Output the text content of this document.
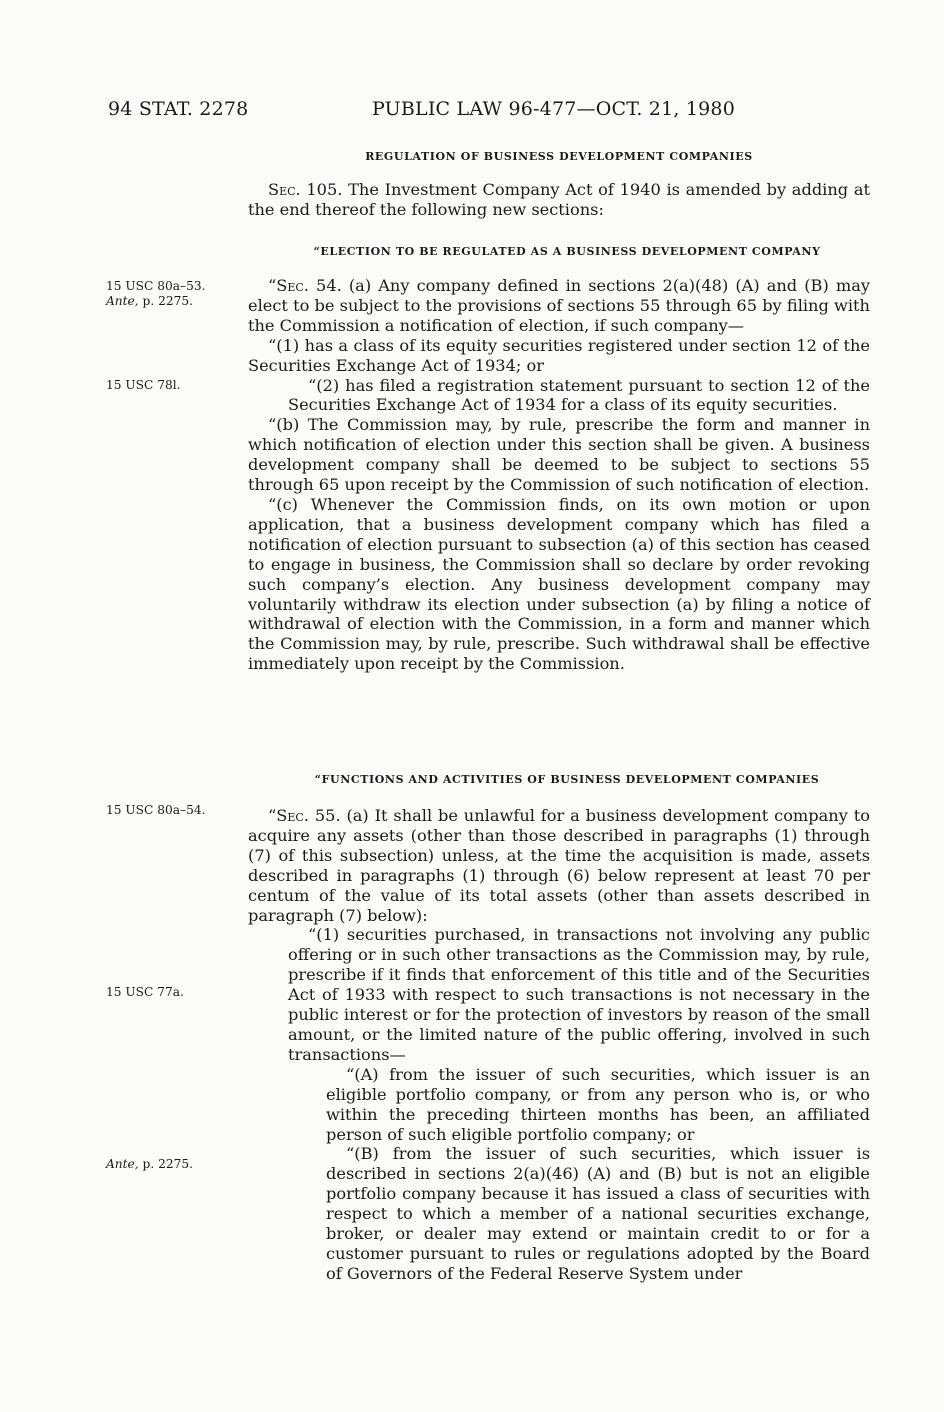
94 STAT. 2278	PUBLIC LAW 96-477—OCT. 21, 1980
REGULATION OF BUSINESS DEVELOPMENT COMPANIES

Sec. 105. The Investment Company Act of 1940 is amended by adding at the end thereof the following new sections:

“ELECTION TO BE REGULATED AS A BUSINESS DEVELOPMENT COMPANY

“Sec. 54. (a) Any company defined in sections 2(a)(48) (A) and (B) may elect to be subject to the provisions of sections 55 through 65 by filing with the Commission a notification of election, if such company—

“(1) has a class of its equity securities registered under section 12 of the Securities Exchange Act of 1934; or

“(2) has filed a registration statement pursuant to section 12 of the Securities Exchange Act of 1934 for a class of its equity securities.

“(b) The Commission may, by rule, prescribe the form and manner in which notification of election under this section shall be given. A business development company shall be deemed to be subject to sections 55 through 65 upon receipt by the Commission of such notification of election.

“(c) Whenever the Commission finds, on its own motion or upon application, that a business development company which has filed a notification of election pursuant to subsection (a) of this section has ceased to engage in business, the Commission shall so declare by order revoking such company’s election. Any business development company may voluntarily withdraw its election under subsection (a) by filing a notice of withdrawal of election with the Commission, in a form and manner which the Commission may, by rule, prescribe. Such withdrawal shall be effective immediately upon receipt by the Commission.

“FUNCTIONS AND ACTIVITIES OF BUSINESS DEVELOPMENT COMPANIES

“Sec. 55. (a) It shall be unlawful for a business development company to acquire any assets (other than those described in paragraphs (1) through (7) of this subsection) unless, at the time the acquisition is made, assets described in paragraphs (1) through (6) below represent at least 70 per centum of the value of its total assets (other than assets described in paragraph (7) below):

“(1) securities purchased, in transactions not involving any public offering or in such other transactions as the Commission may, by rule, prescribe if it finds that enforcement of this title and of the Securities Act of 1933 with respect to such transactions is not necessary in the public interest or for the protection of investors by reason of the small amount, or the limited nature of the public offering, involved in such transactions—

“(A) from the issuer of such securities, which issuer is an eligible portfolio company, or from any person who is, or who within the preceding thirteen months has been, an affiliated person of such eligible portfolio company; or

“(B) from the issuer of such securities, which issuer is described in sections 2(a)(46) (A) and (B) but is not an eligible portfolio company because it has issued a class of securities with respect to which a member of a national securities exchange, broker, or dealer may extend or maintain credit to or for a customer pursuant to rules or regulations adopted by the Board of Governors of the Federal Reserve System under

15 USC 80a–53.
Ante, p. 2275.
15 USC 78l.
15 USC 80a–54.
15 USC 77a.
Ante, p. 2275.
